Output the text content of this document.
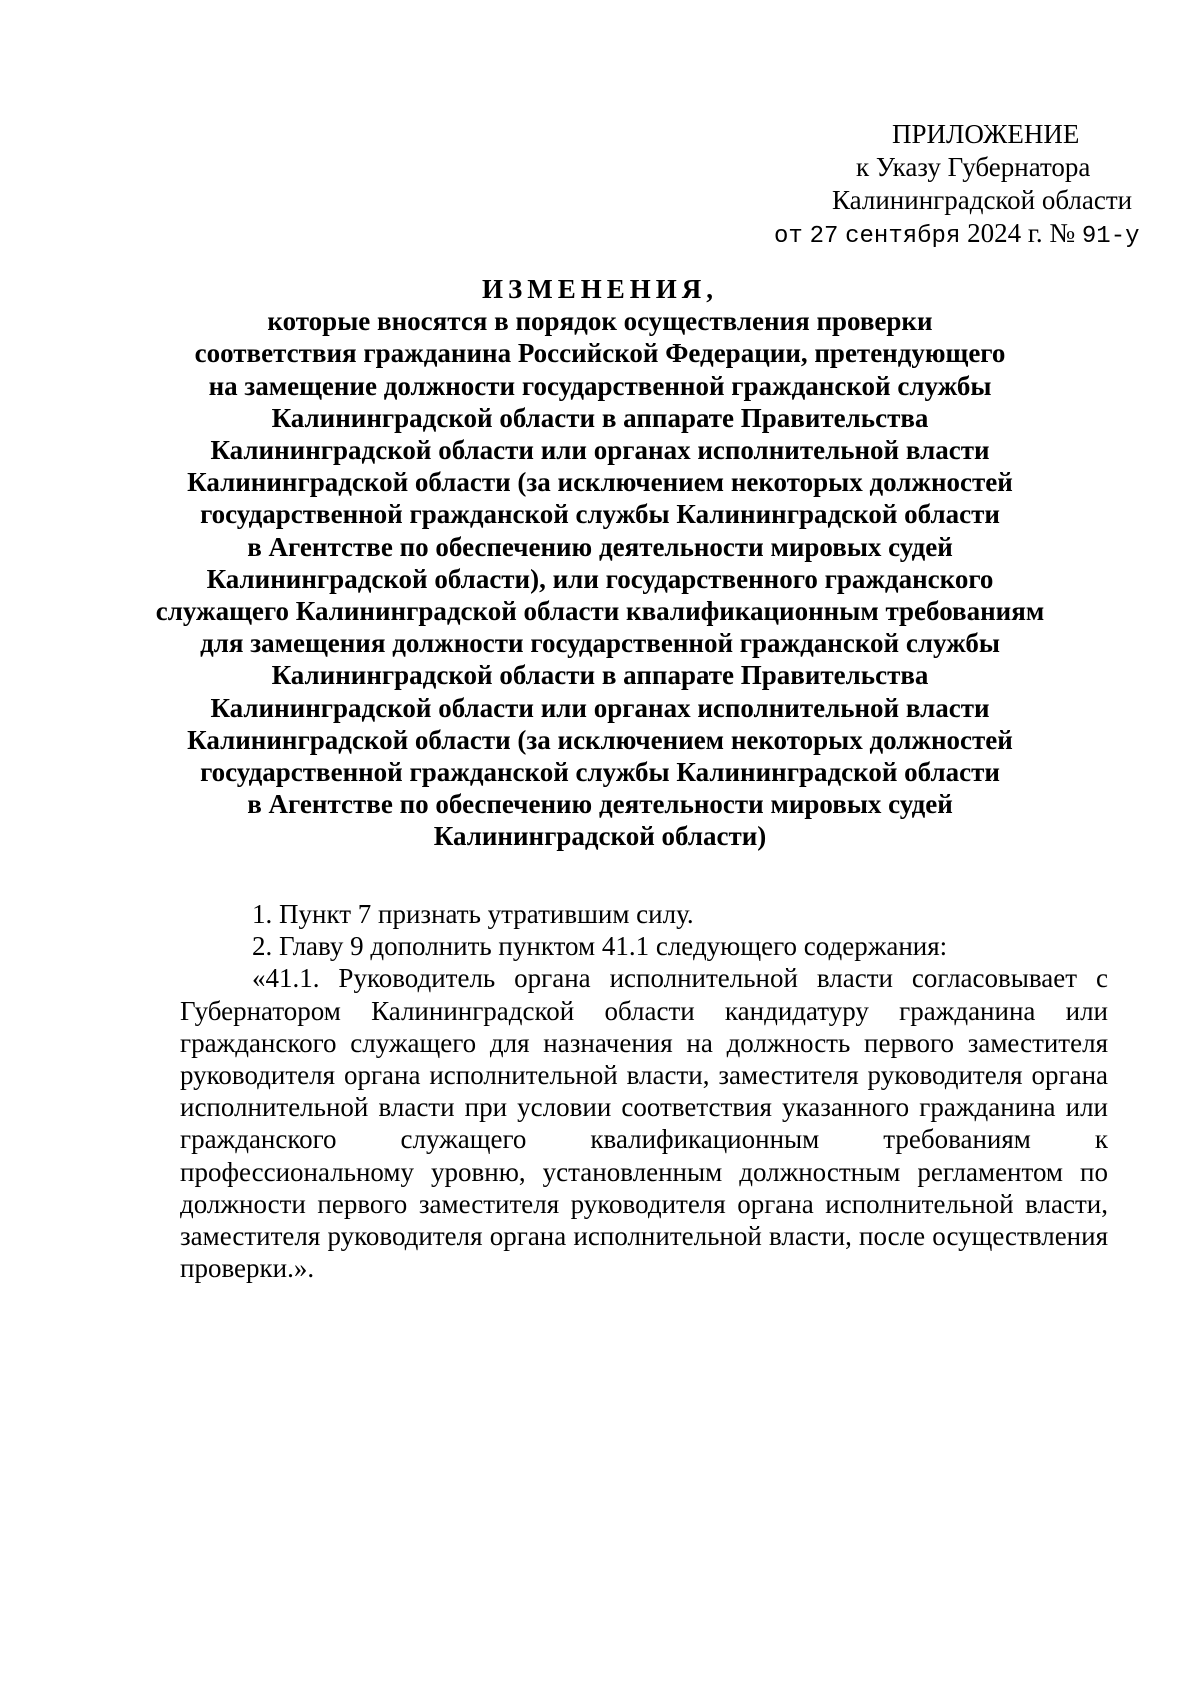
ПРИЛОЖЕНИЕ
к Указу Губернатора
Калининградской области
от 27 сентября 2024 г. № 91-у
ИЗМЕНЕНИЯ,
которые вносятся в порядок осуществления проверки
соответствия гражданина Российской Федерации, претендующего
на замещение должности государственной гражданской службы
Калининградской области в аппарате Правительства
Калининградской области или органах исполнительной власти
Калининградской области (за исключением некоторых должностей
государственной гражданской службы Калининградской области
в Агентстве по обеспечению деятельности мировых судей
Калининградской области), или государственного гражданского
служащего Калининградской области квалификационным требованиям
для замещения должности государственной гражданской службы
Калининградской области в аппарате Правительства
Калининградской области или органах исполнительной власти
Калининградской области (за исключением некоторых должностей
государственной гражданской службы Калининградской области
в Агентстве по обеспечению деятельности мировых судей
Калининградской области)
1. Пункт 7 признать утратившим силу.
2. Главу 9 дополнить пунктом 41.1 следующего содержания:
«41.1. Руководитель органа исполнительной власти согласовывает с
Губернатором Калининградской области кандидатуру гражданина или
гражданского служащего для назначения на должность первого заместителя
руководителя органа исполнительной власти, заместителя руководителя органа
исполнительной власти при условии соответствия указанного гражданина или
гражданского служащего квалификационным требованиям к
профессиональному уровню, установленным должностным регламентом по
должности первого заместителя руководителя органа исполнительной власти,
заместителя руководителя органа исполнительной власти, после осуществления
проверки.».
